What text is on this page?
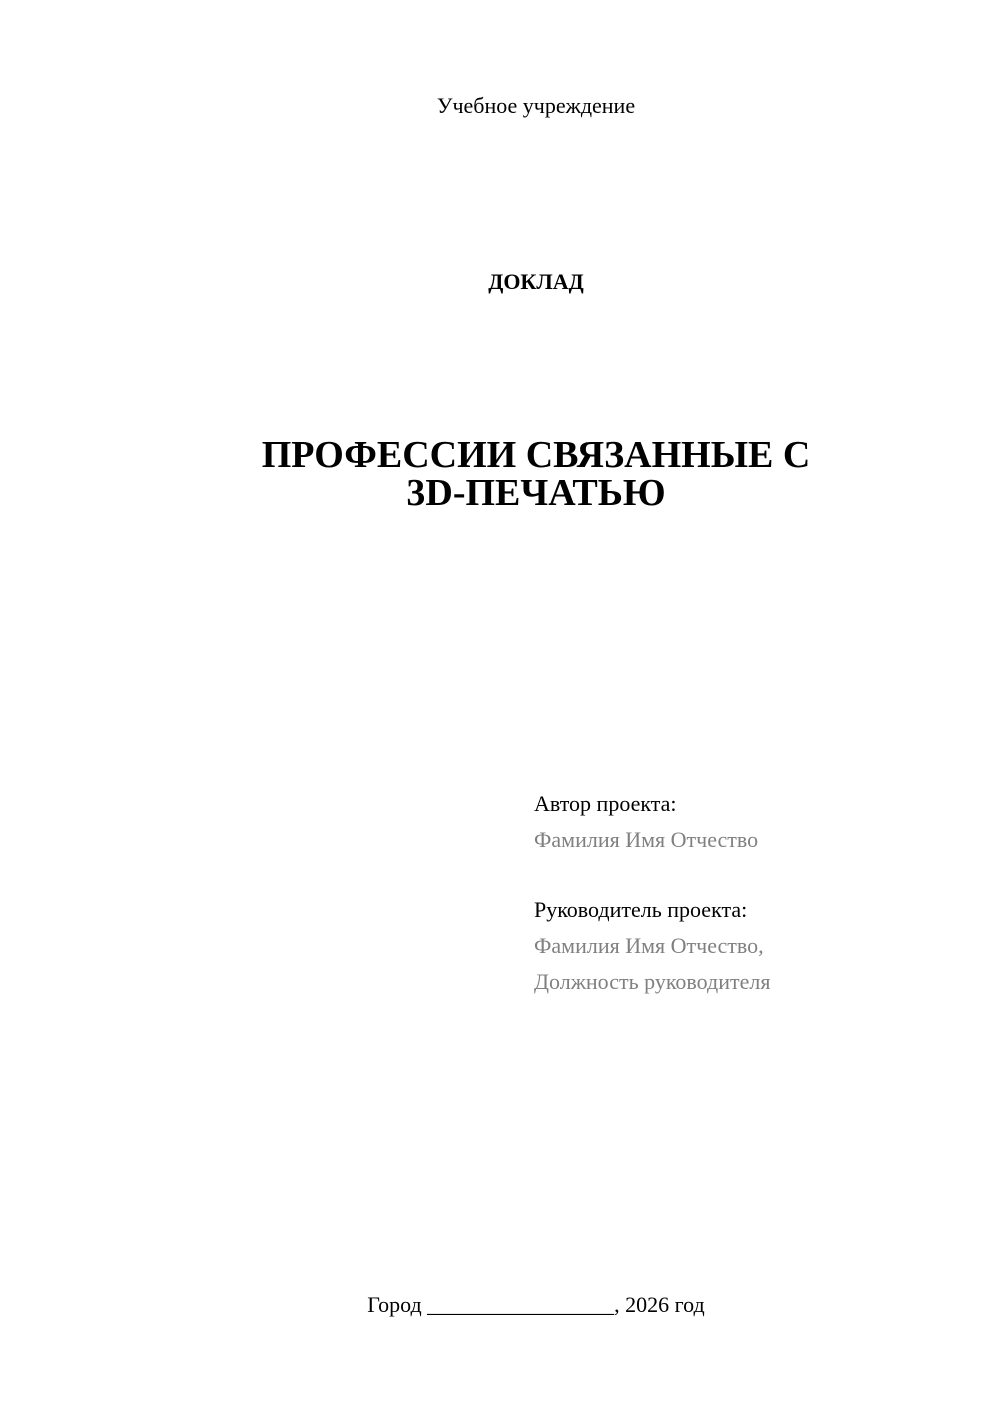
Учебное учреждение
ДОКЛАД
ПРОФЕССИИ СВЯЗАННЫЕ С
3D-ПЕЧАТЬЮ
Автор проекта:
Фамилия Имя Отчество
Руководитель проекта:
Фамилия Имя Отчество,
Должность руководителя
Город _________________, 2026 год
